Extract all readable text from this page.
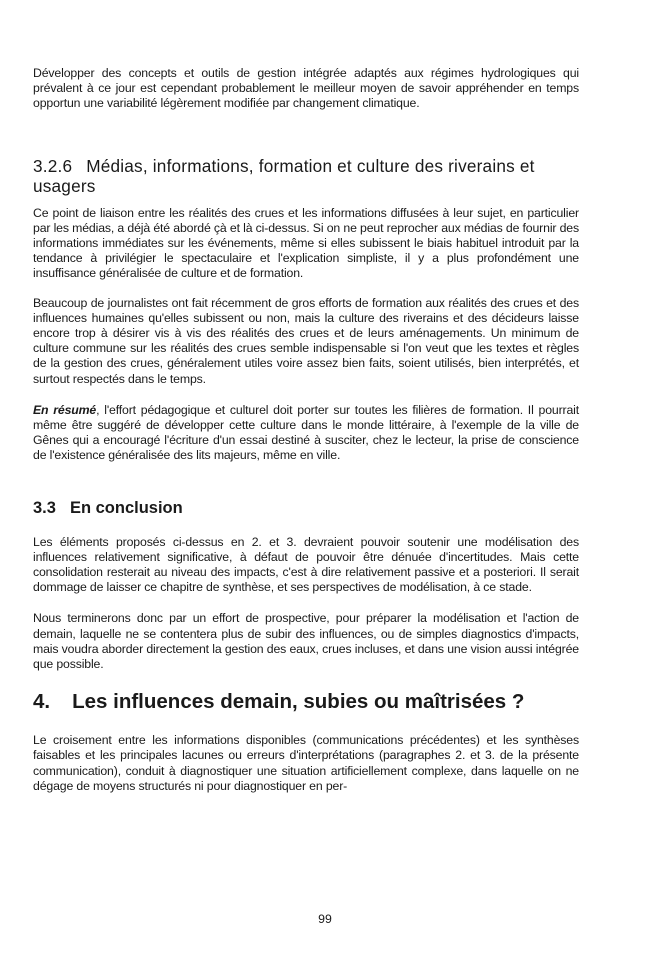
Développer des concepts et outils de gestion intégrée adaptés aux régimes hydrologiques qui prévalent à ce jour est cependant probablement le meilleur moyen de savoir appréhender en temps opportun une variabilité légèrement modifiée par changement climatique.

3.2.6 Médias, informations, formation et culture des riverains et usagers

Ce point de liaison entre les réalités des crues et les informations diffusées à leur sujet, en particulier par les médias, a déjà été abordé çà et là ci-dessus. Si on ne peut reprocher aux médias de fournir des informations immédiates sur les événements, même si elles subissent le biais habituel introduit par la tendance à privilégier le spectaculaire et l'explication simpliste, il y a plus profondément une insuffisance généralisée de culture et de formation.

Beaucoup de journalistes ont fait récemment de gros efforts de formation aux réalités des crues et des influences humaines qu'elles subissent ou non, mais la culture des riverains et des décideurs laisse encore trop à désirer vis à vis des réalités des crues et de leurs aménagements. Un minimum de culture commune sur les réalités des crues semble indispensable si l'on veut que les textes et règles de la gestion des crues, généralement utiles voire assez bien faits, soient utilisés, bien interprétés, et surtout respectés dans le temps.

En résumé, l'effort pédagogique et culturel doit porter sur toutes les filières de formation. Il pourrait même être suggéré de développer cette culture dans le monde littéraire, à l'exemple de la ville de Gênes qui a encouragé l'écriture d'un essai destiné à susciter, chez le lecteur, la prise de conscience de l'existence généralisée des lits majeurs, même en ville.

3.3 En conclusion

Les éléments proposés ci-dessus en 2. et 3. devraient pouvoir soutenir une modélisation des influences relativement significative, à défaut de pouvoir être dénuée d'incertitudes. Mais cette consolidation resterait au niveau des impacts, c'est à dire relativement passive et a posteriori. Il serait dommage de laisser ce chapitre de synthèse, et ses perspectives de modélisation, à ce stade.

Nous terminerons donc par un effort de prospective, pour préparer la modélisation et l'action de demain, laquelle ne se contentera plus de subir des influences, ou de simples diagnostics d'impacts, mais voudra aborder directement la gestion des eaux, crues incluses, et dans une vision aussi intégrée que possible.

4. Les influences demain, subies ou maîtrisées ?

Le croisement entre les informations disponibles (communications précédentes) et les synthèses faisables et les principales lacunes ou erreurs d'interprétations (paragraphes 2. et 3. de la présente communication), conduit à diagnostiquer une situation artificiellement complexe, dans laquelle on ne dégage de moyens structurés ni pour diagnostiquer en per-

99
